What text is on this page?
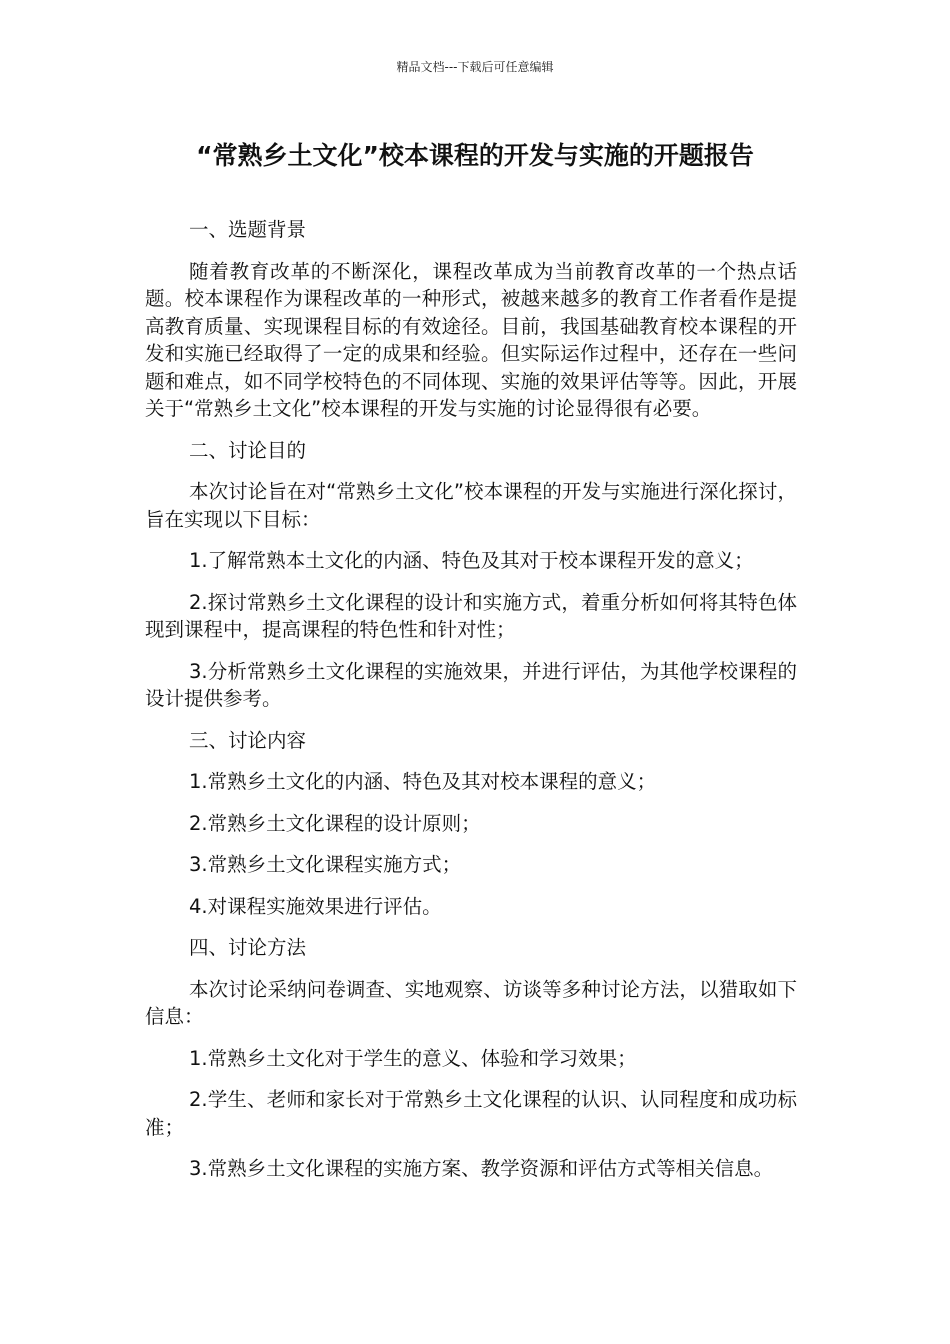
精品文档---下载后可任意编辑
“常熟乡土文化”校本课程的开发与实施的开题报告

一、选题背景

随着教育改革的不断深化，课程改革成为当前教育改革的一个热点话题。校本课程作为课程改革的一种形式，被越来越多的教育工作者看作是提高教育质量、实现课程目标的有效途径。目前，我国基础教育校本课程的开发和实施已经取得了一定的成果和经验。但实际运作过程中，还存在一些问题和难点，如不同学校特色的不同体现、实施的效果评估等等。因此，开展关于“常熟乡土文化”校本课程的开发与实施的讨论显得很有必要。

二、讨论目的

本次讨论旨在对“常熟乡土文化”校本课程的开发与实施进行深化探讨，旨在实现以下目标：

1.了解常熟本土文化的内涵、特色及其对于校本课程开发的意义；

2.探讨常熟乡土文化课程的设计和实施方式，着重分析如何将其特色体现到课程中，提高课程的特色性和针对性；

3.分析常熟乡土文化课程的实施效果，并进行评估，为其他学校课程的设计提供参考。

三、讨论内容

1.常熟乡土文化的内涵、特色及其对校本课程的意义；

2.常熟乡土文化课程的设计原则；

3.常熟乡土文化课程实施方式；

4.对课程实施效果进行评估。

四、讨论方法

本次讨论采纳问卷调查、实地观察、访谈等多种讨论方法，以猎取如下信息：

1.常熟乡土文化对于学生的意义、体验和学习效果；

2.学生、老师和家长对于常熟乡土文化课程的认识、认同程度和成功标准；

3.常熟乡土文化课程的实施方案、教学资源和评估方式等相关信息。
